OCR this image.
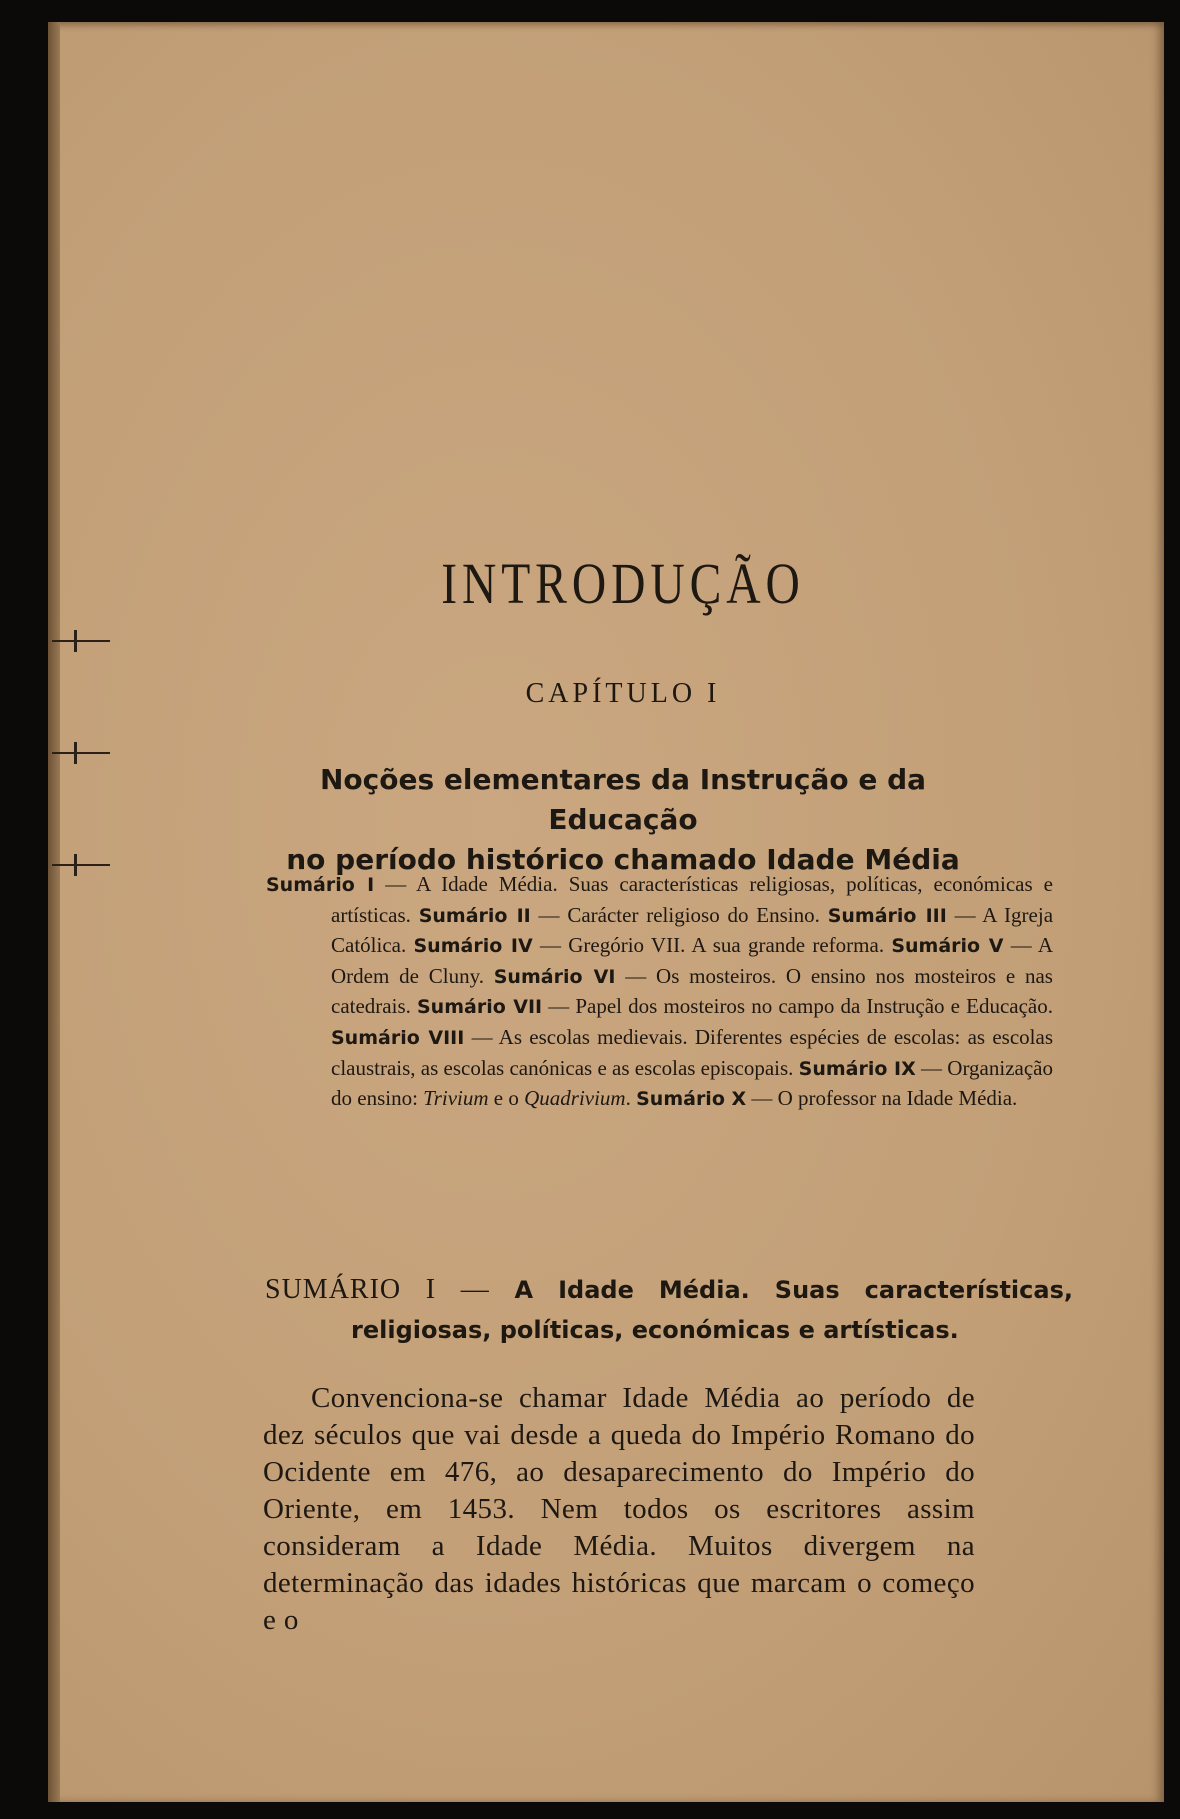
INTRODUÇÃO
CAPÍTULO I
Noções elementares da Instrução e da Educação
no período histórico chamado Idade Média
Sumário I — A Idade Média. Suas características religiosas, políticas, económicas e artísticas. Sumário II — Carácter religioso do Ensino. Sumário III — A Igreja Católica. Sumário IV — Gregório VII. A sua grande reforma. Sumário V — A Ordem de Cluny. Sumário VI — Os mosteiros. O ensino nos mosteiros e nas catedrais. Sumário VII — Papel dos mosteiros no campo da Instrução e Educação. Sumário VIII — As escolas medievais. Diferentes espécies de escolas: as escolas claustrais, as escolas canónicas e as escolas episcopais. Sumário IX — Organização do ensino: Trivium e o Quadrivium. Sumário X — O professor na Idade Média.
SUMÁRIO I — A Idade Média. Suas características, religiosas, políticas, económicas e artísticas.
Convenciona-se chamar Idade Média ao período de dez séculos que vai desde a queda do Império Romano do Ocidente em 476, ao desaparecimento do Império do Oriente, em 1453. Nem todos os escritores assim consideram a Idade Média. Muitos divergem na determinação das idades históricas que marcam o começo e o
